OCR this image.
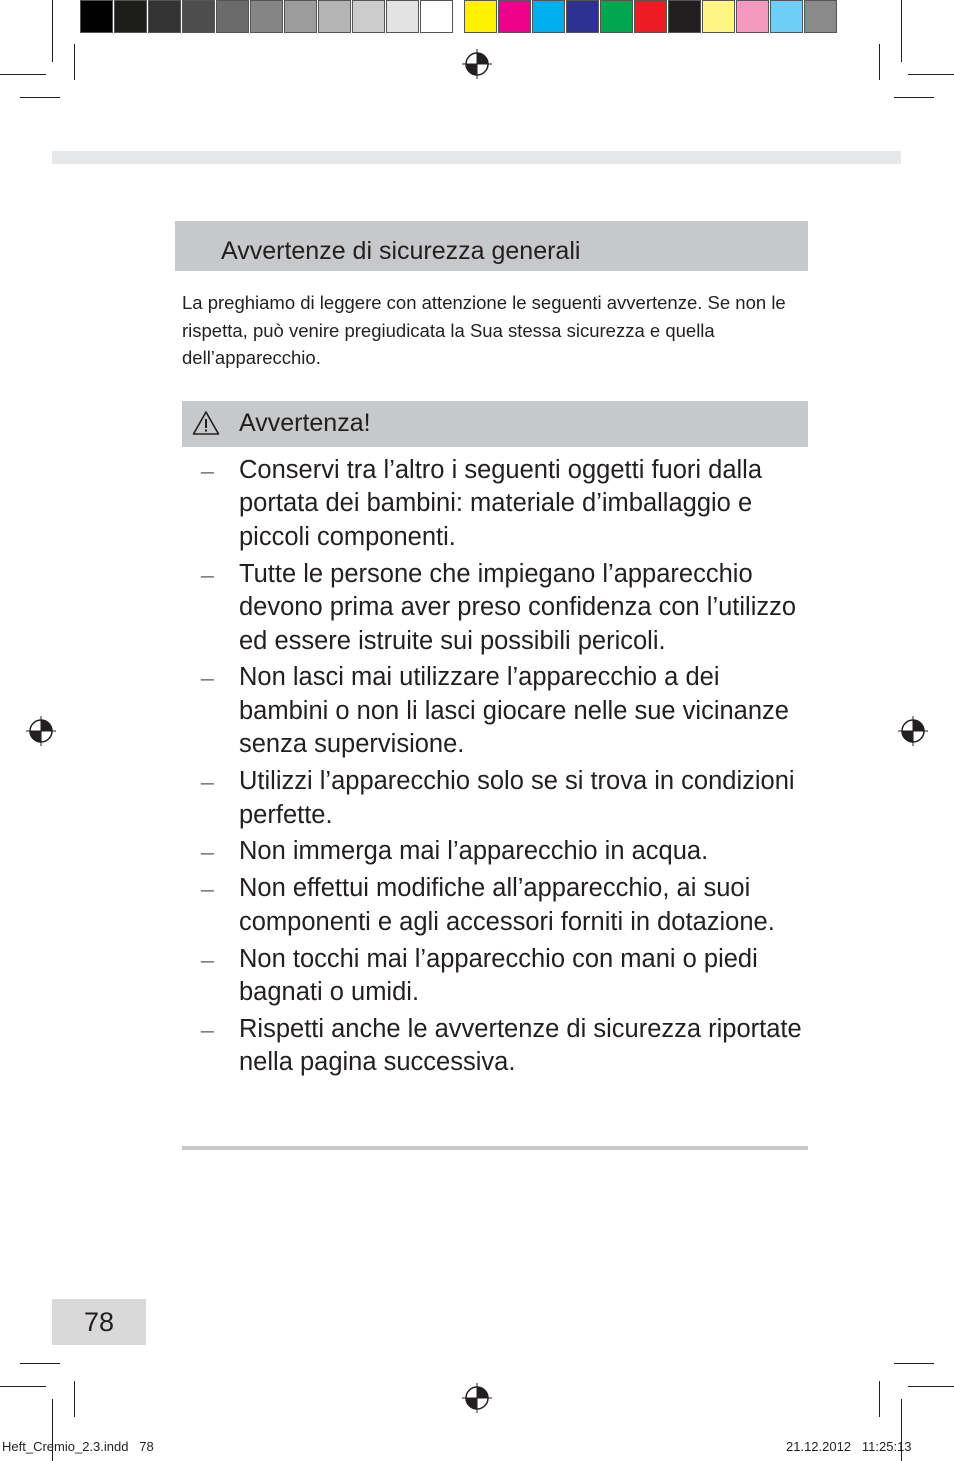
Avvertenze di sicurezza generali
La preghiamo di leggere con attenzione le seguenti avvertenze. Se non le rispetta, può venire pregiudicata la Sua stessa sicurezza e quella dell’apparecchio.
Avvertenza!
– Conservi tra l’altro i seguenti oggetti fuori dalla portata dei bambini: materiale d’imballaggio e piccoli componenti.
– Tutte le persone che impiegano l’apparecchio devono prima aver preso confidenza con l’utilizzo ed essere istruite sui possibili pericoli.
– Non lasci mai utilizzare l’apparecchio a dei bambini o non li lasci giocare nelle sue vicinanze senza supervisione.
– Utilizzi l’apparecchio solo se si trova in condizioni perfette.
– Non immerga mai l’apparecchio in acqua.
– Non effettui modifiche all’apparecchio, ai suoi componenti e agli accessori forniti in dotazione.
– Non tocchi mai l’apparecchio con mani o piedi bagnati o umidi.
– Rispetti anche le avvertenze di sicurezza riportate nella pagina successiva.
78
Heft_Cremio_2.3.indd   78	21.12.2012   11:25:13
